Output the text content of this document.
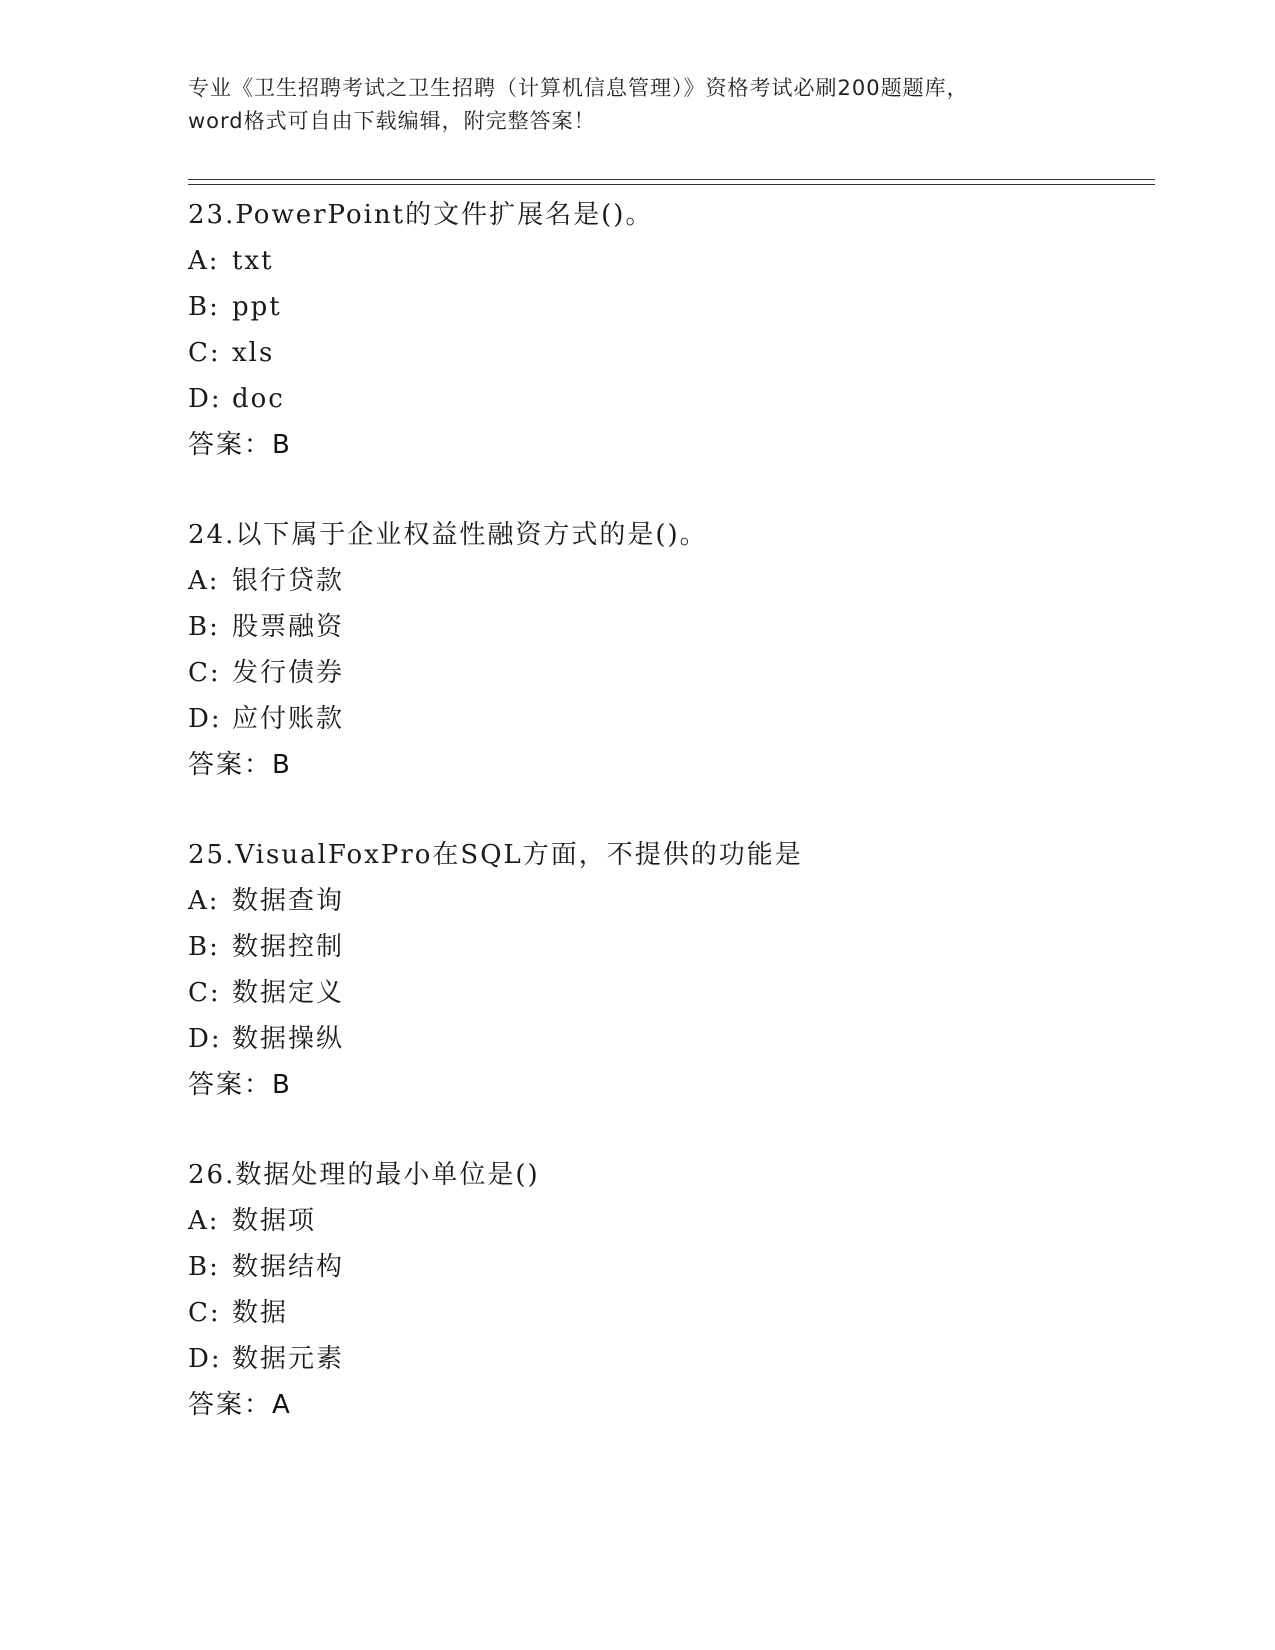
专业《卫生招聘考试之卫生招聘（计算机信息管理）》资格考试必刷200题题库，
word格式可自由下载编辑，附完整答案！
23.PowerPoint的文件扩展名是()。
A: txt
B: ppt
C: xls
D: doc
答案：B
24.以下属于企业权益性融资方式的是()。
A: 银行贷款
B: 股票融资
C: 发行债券
D: 应付账款
答案：B
25.VisualFoxPro在SQL方面，不提供的功能是
A: 数据查询
B: 数据控制
C: 数据定义
D: 数据操纵
答案：B
26.数据处理的最小单位是()
A: 数据项
B: 数据结构
C: 数据
D: 数据元素
答案：A
